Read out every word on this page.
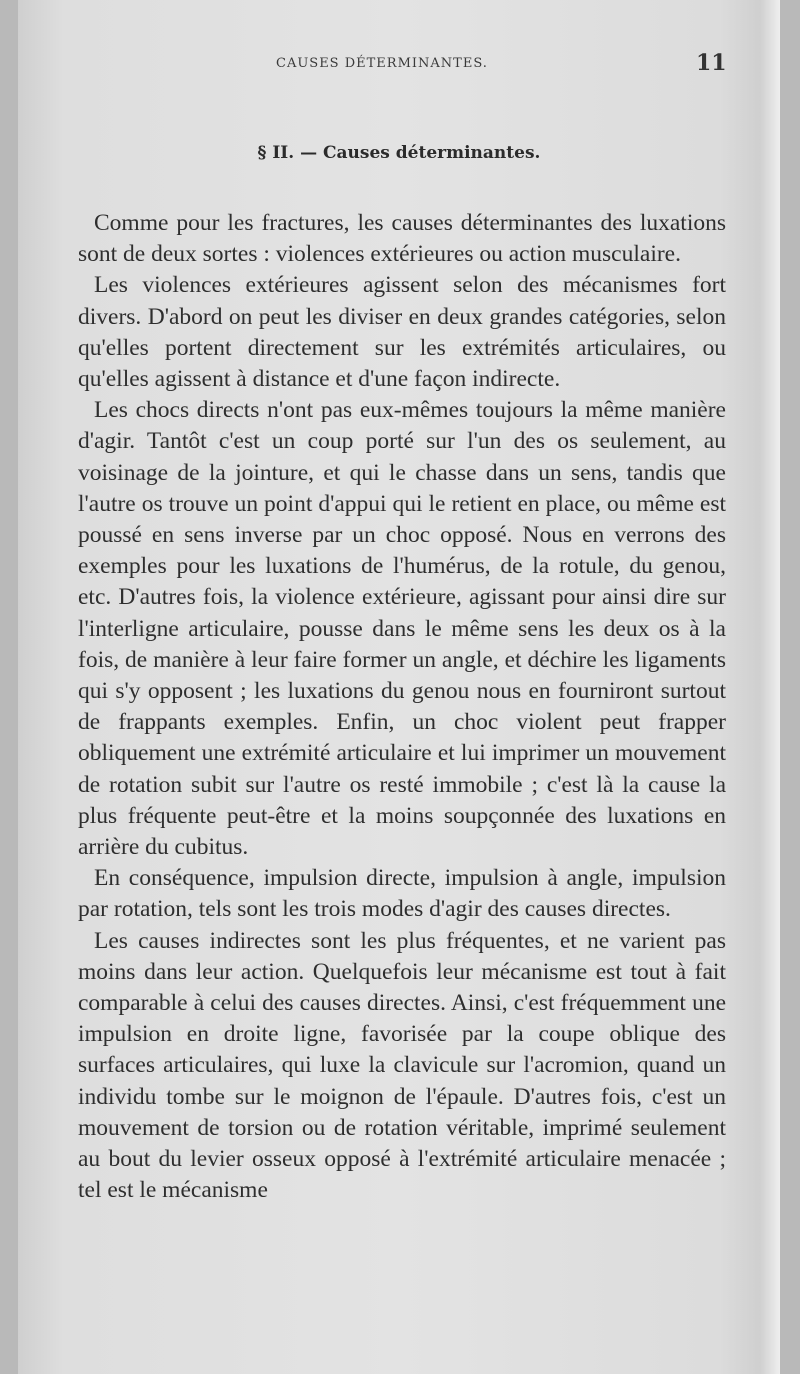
CAUSES DÉTERMINANTES.	11
§ II. — Causes déterminantes.

Comme pour les fractures, les causes déterminantes des luxations sont de deux sortes : violences extérieures ou action musculaire.

Les violences extérieures agissent selon des mécanismes fort divers. D'abord on peut les diviser en deux grandes catégories, selon qu'elles portent directement sur les extrémités articulaires, ou qu'elles agissent à distance et d'une façon indirecte.

Les chocs directs n'ont pas eux-mêmes toujours la même manière d'agir. Tantôt c'est un coup porté sur l'un des os seulement, au voisinage de la jointure, et qui le chasse dans un sens, tandis que l'autre os trouve un point d'appui qui le retient en place, ou même est poussé en sens inverse par un choc opposé. Nous en verrons des exemples pour les luxations de l'humérus, de la rotule, du genou, etc. D'autres fois, la violence extérieure, agissant pour ainsi dire sur l'interligne articulaire, pousse dans le même sens les deux os à la fois, de manière à leur faire former un angle, et déchire les ligaments qui s'y opposent ; les luxations du genou nous en fourniront surtout de frappants exemples. Enfin, un choc violent peut frapper obliquement une extrémité articulaire et lui imprimer un mouvement de rotation subit sur l'autre os resté immobile ; c'est là la cause la plus fréquente peut-être et la moins soupçonnée des luxations en arrière du cubitus.

En conséquence, impulsion directe, impulsion à angle, impulsion par rotation, tels sont les trois modes d'agir des causes directes.

Les causes indirectes sont les plus fréquentes, et ne varient pas moins dans leur action. Quelquefois leur mécanisme est tout à fait comparable à celui des causes directes. Ainsi, c'est fréquemment une impulsion en droite ligne, favorisée par la coupe oblique des surfaces articulaires, qui luxe la clavicule sur l'acromion, quand un individu tombe sur le moignon de l'épaule. D'autres fois, c'est un mouvement de torsion ou de rotation véritable, imprimé seulement au bout du levier osseux opposé à l'extrémité articulaire menacée ; tel est le mécanisme
